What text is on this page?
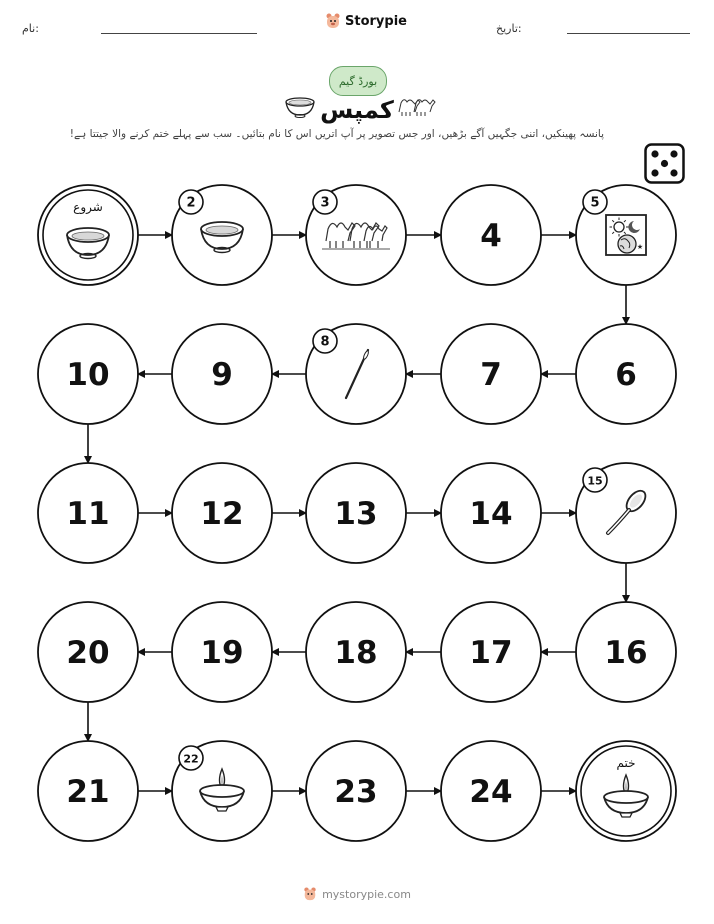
نام:	Storypie	تاریخ:
بورڈ گیم
کمپس
پانسہ پھینکیں، اتنی جگہیں آگے بڑھیں، اور جس تصویر پر آپ اتریں اس کا نام بتائیں۔ سب سے پہلے ختم کرنے والا جیتتا ہے!
شروع	2	3
4	★
5
6
7
8
9
10
11	12	13	14
15
16
17
18
19
20
21
22
23	24
ختم
mystorypie.com
